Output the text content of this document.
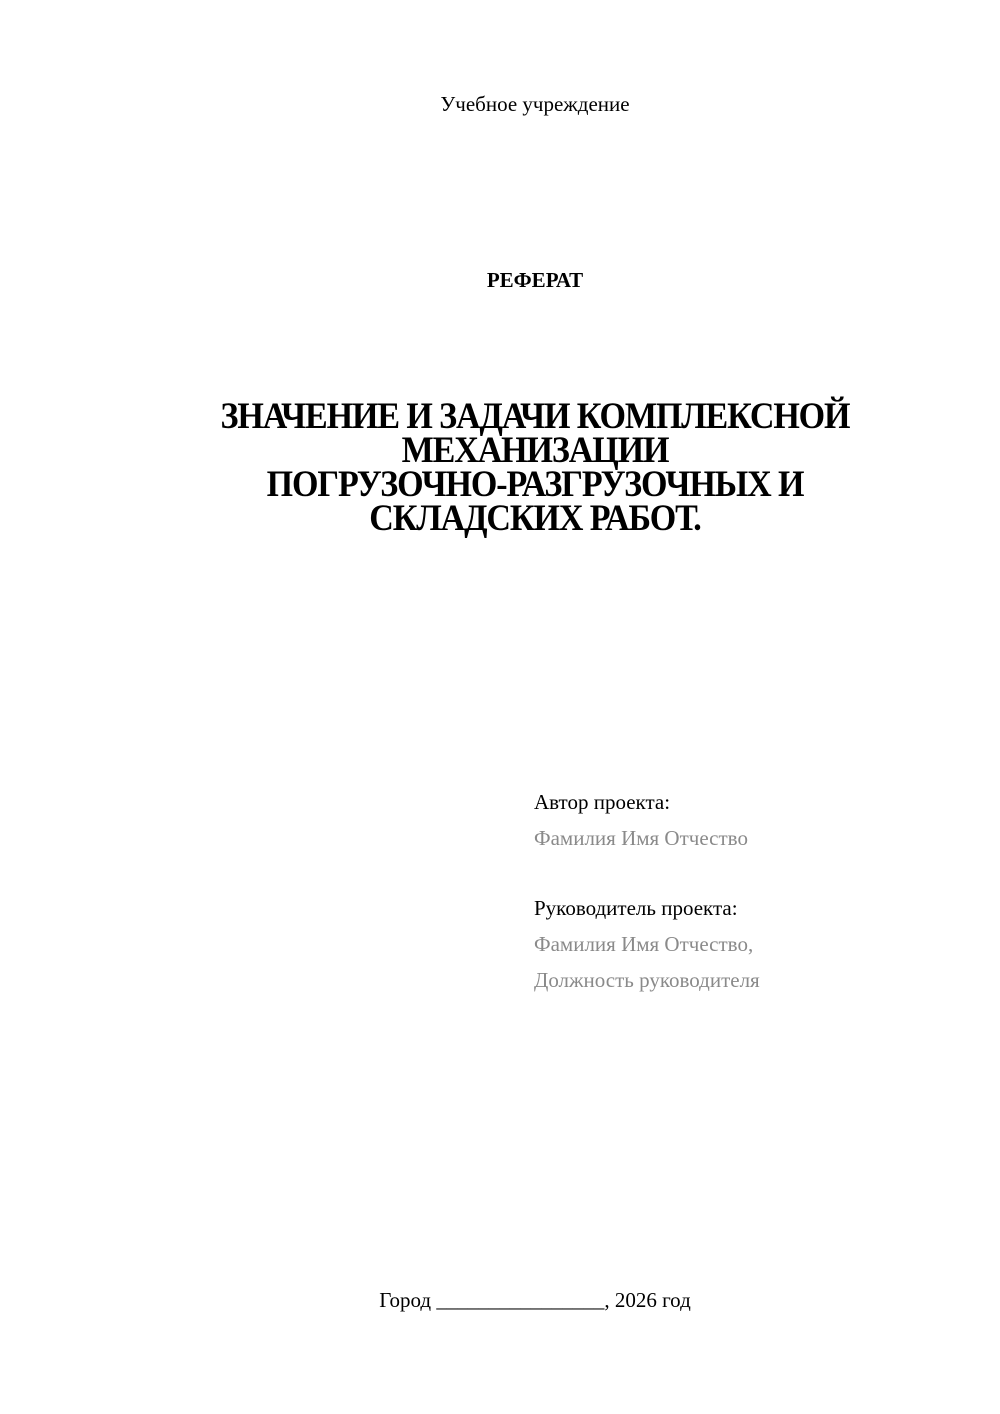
Учебное учреждение
РЕФЕРАТ
ЗНАЧЕНИЕ И ЗАДАЧИ КОМПЛЕКСНОЙ
МЕХАНИЗАЦИИ
ПОГРУЗОЧНО-РАЗГРУЗОЧНЫХ И
СКЛАДСКИХ РАБОТ.
Автор проекта:
Фамилия Имя Отчество
Руководитель проекта:
Фамилия Имя Отчество,
Должность руководителя
Город ________________, 2026 год
